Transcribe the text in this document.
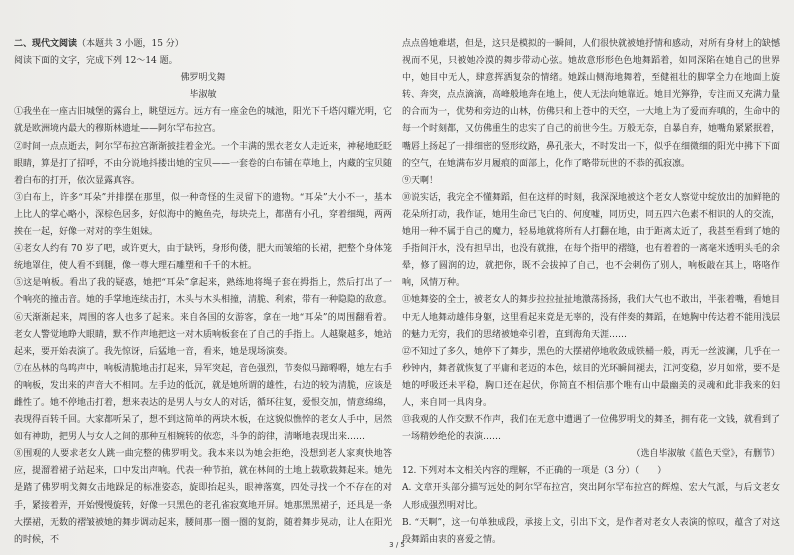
二、现代文阅读（本题共 3 小题，15 分）

阅读下面的文字，完成下列 12～14 题。

佛罗明戈舞

毕淑敏

①我坐在一座古旧城堡的露台上，眺望远方。远方有一座金色的城池，阳光下千塔闪耀光明，它就是欧洲境内最大的穆斯林遗址——阿尔罕布拉宫。

②时间一点点逝去，阿尔罕布拉宫渐渐披挂着金光。一个丰满的黑衣老女人走近来，神秘地眨眨眼睛，算是打了招呼，不由分说地抖搂出她的宝贝——一套卷的白布铺在草地上，内藏的宝贝随着白布的打开，依次显露真容。

③白布上，许多“耳朵”并排摆在那里，似一种奇怪的生灵留下的遗物。“耳朵”大小不一，基本上比人的掌心略小，深棕色居多，好似海中的鲍鱼壳，每块壳上，都凿有小孔，穿着细绳，两两挨在一起，好像一对对的孪生姐妹。

④老女人约有 70 岁了吧，或许更大，由于缺钙，身形佝偻，肥大而皱缩的长裙，把整个身体笼统地罩住，使人看不到腿，像一尊大理石雕塑和千千的木桩。

⑤这是响板。看出了我的疑惑，她把“耳朵”拿起来，熟练地将绳子套在拇指上，然后打出了一个响亮的撞击音。她的手掌地连续击打，木头与木头相撞，清脆、利索，带有一种隐隐的敌意。

⑥天渐渐起来，周围的客人也多了起来。来自各国的女游客，拿在一地“耳朵”的周围翻看着。老女人警觉地睁大眼睛，默不作声地把这一对木质响板套在了自己的手指上。人越聚越多，她站起来，要开始表演了。我先惊讶，后猛地一音，看来，她是现场演奏。

⑦在丛林的鸟鸣声中，响板清脆地击打起来，异军突起，音色强烈，节奏似马蹄嘚嘚，她左右手的响板，发出来的声音大不相同。左手边的低沉，就是她所谓的雄性，右边的较为清脆，应该是雌性了。她不停地击打着，想来表达的是男人与女人的对话，循环往复，爱恨交加，情意绵绵，表现得百转千回。大家都听呆了，想不到这简单的两块木板，在这貌似憔悴的老女人手中，居然如有神助，把男人与女人之间的那种互相婉转的依恋，斗争的韵律，清晰地表现出来……

⑧围观的人要求老女人跳一曲完整的佛罗明戈。我本来以为她会拒绝，没想到老人家爽快地答应，提溜着裙子站起来，口中发出声响。代表一种节拍，就在林间的土地上载歌载舞起来。她先是踏了佛罗明戈舞女击地跺足的标准姿态，旋即抬起头，眼神落寞，四处寻找一个不存在的对手，紧接着弄，开始慢慢旋转，好像一只黑色的老孔雀寂寞地开屏。她那黑黑裙子，还具是一条大摆裙，无数的褶皱被她的舞步调动起来，腰间那一圈一圈的复韵，随着舞步晃动，让人在阳光的时候，不

点点兽她难堪，但是，这只是模拟的一瞬间，人们很快就被她抒情和感动，对所有身材上的缺憾视而不见，只被她冷漠的舞步带动心弦。她故意形形色色地舞蹈着，如同深陷在她自己的世界中，她目中无人，肆意挥洒复杂的情绪。她踩山侧海地舞着，至健祖壮的脚掌全力在地面上旋转、奔突，点点滴滴，高峰般地奔在地上，使人无法向她靠近。她目光獰狰，专注而又充满力量的合而为一，优势和旁边的山林，仿佛只和上苍中的天空，一大地上为了爱而弃嗔的，生命中的每一个时刻都，又仿佛重生的忠实了自己的前世今生。万般无奈，自暴自弃，她嘴角紧紧抿着，嘴唇上扬起了一排细密的竖形纹路，鼻孔张大，不时发出一下，似乎在细微细的阳光中拂下下面的空气，在她满布岁月履痕的面部上，化作了略带玩世的不恭的孤寂凛。

⑨天啊！

⑩说实话，我完全不懂舞蹈，但在这样的时刻，我深深地被这个老女人察觉中绽放出的加鲜艳的花朵所打动，我作证，她用生命已飞白的、何度嘘，同历史，同五四六色素不相识的人的交流，她用一种不属于自己的魔力，轻易地就将所有人打翻在地，由于距离太近了，我甚至看到了她的手指间汗水，没有担早出，也没有就推，在每个指甲的褶缝，也有着着的一离毫米透明头毛的余晕，修了圆润的边，就把你，既不会拔掉了自己，也不会刺伤了别人，响板敲在其上，咯咯作响，风情万种。

⑪她舞姿的全士，被老女人的舞步拉拉扯扯地激荡扬扬，我们大气也不敢出，半张着嘴，看她目中无人地舞动雄伟身躯，这里看起来竟是无辜的，没有伴奏的舞蹈，在她胸中传达着不能用浅层的魅力无穷，我们的思绪被她牵引着，直到海角天涯……

⑫不知过了多久，她停下了舞步，黑色的大摆裙停地收敛成铁桶一般，再无一丝波澜，几乎在一秒钟内，舞者就恢复了平庸和老迈的本色，炫目的光环瞬间褪去，江河变稳，岁月如常，要不是她的呼吸还未平稳，胸口还在起伏，你简直不相信那个唯有山中最幽美的灵魂和此非我来的妇人，来自同一具肉身。

⑬我观的人作交默不作声，我们在无意中遭遇了一位佛罗明戈的舞圣，拥有花一文钱，就看到了一场精妙绝伦的表演……

（选自毕淑敏《蓝色天堂》，有删节）

12. 下列对本文相关内容的理解，不正确的一项是（3 分）（　　）

A. 文章开头部分描写远处的阿尔罕布拉宫，突出阿尔罕布拉宫的辉煌、宏大气派，与后文老女人形成强烈明对比。

B. “天啊”，这一句单独成段，承接上文，引出下文，是作者对老女人表演的惊叹，蕴含了对这段舞蹈由衷的喜爱之情。

3 / 5
